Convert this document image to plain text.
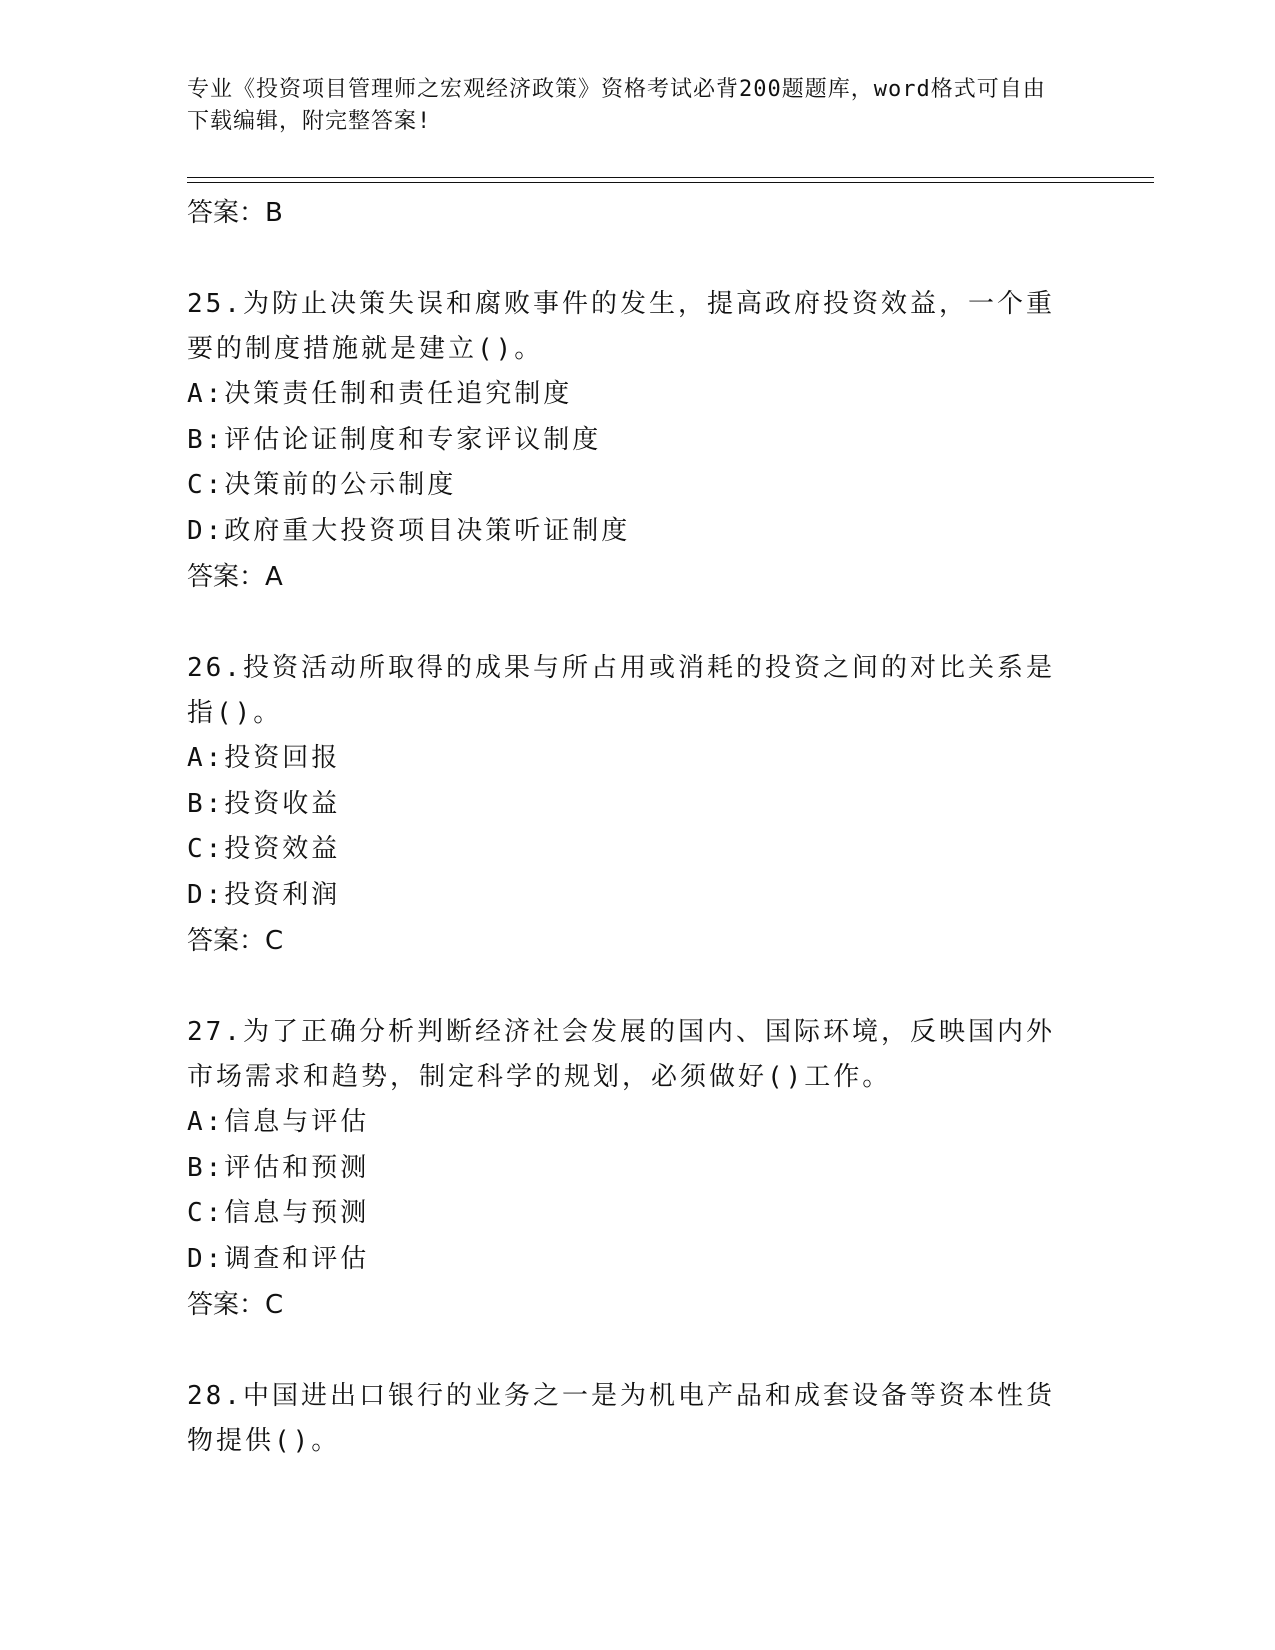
专业《投资项目管理师之宏观经济政策》资格考试必背200题题库，word格式可自由下载编辑，附完整答案!
答案：B
25.为防止决策失误和腐败事件的发生，提高政府投资效益，一个重要的制度措施就是建立()。
A:决策责任制和责任追究制度
B:评估论证制度和专家评议制度
C:决策前的公示制度
D:政府重大投资项目决策听证制度
答案：A
26.投资活动所取得的成果与所占用或消耗的投资之间的对比关系是指()。
A:投资回报
B:投资收益
C:投资效益
D:投资利润
答案：C
27.为了正确分析判断经济社会发展的国内、国际环境，反映国内外市场需求和趋势，制定科学的规划，必须做好()工作。
A:信息与评估
B:评估和预测
C:信息与预测
D:调查和评估
答案：C
28.中国进出口银行的业务之一是为机电产品和成套设备等资本性货物提供()。
